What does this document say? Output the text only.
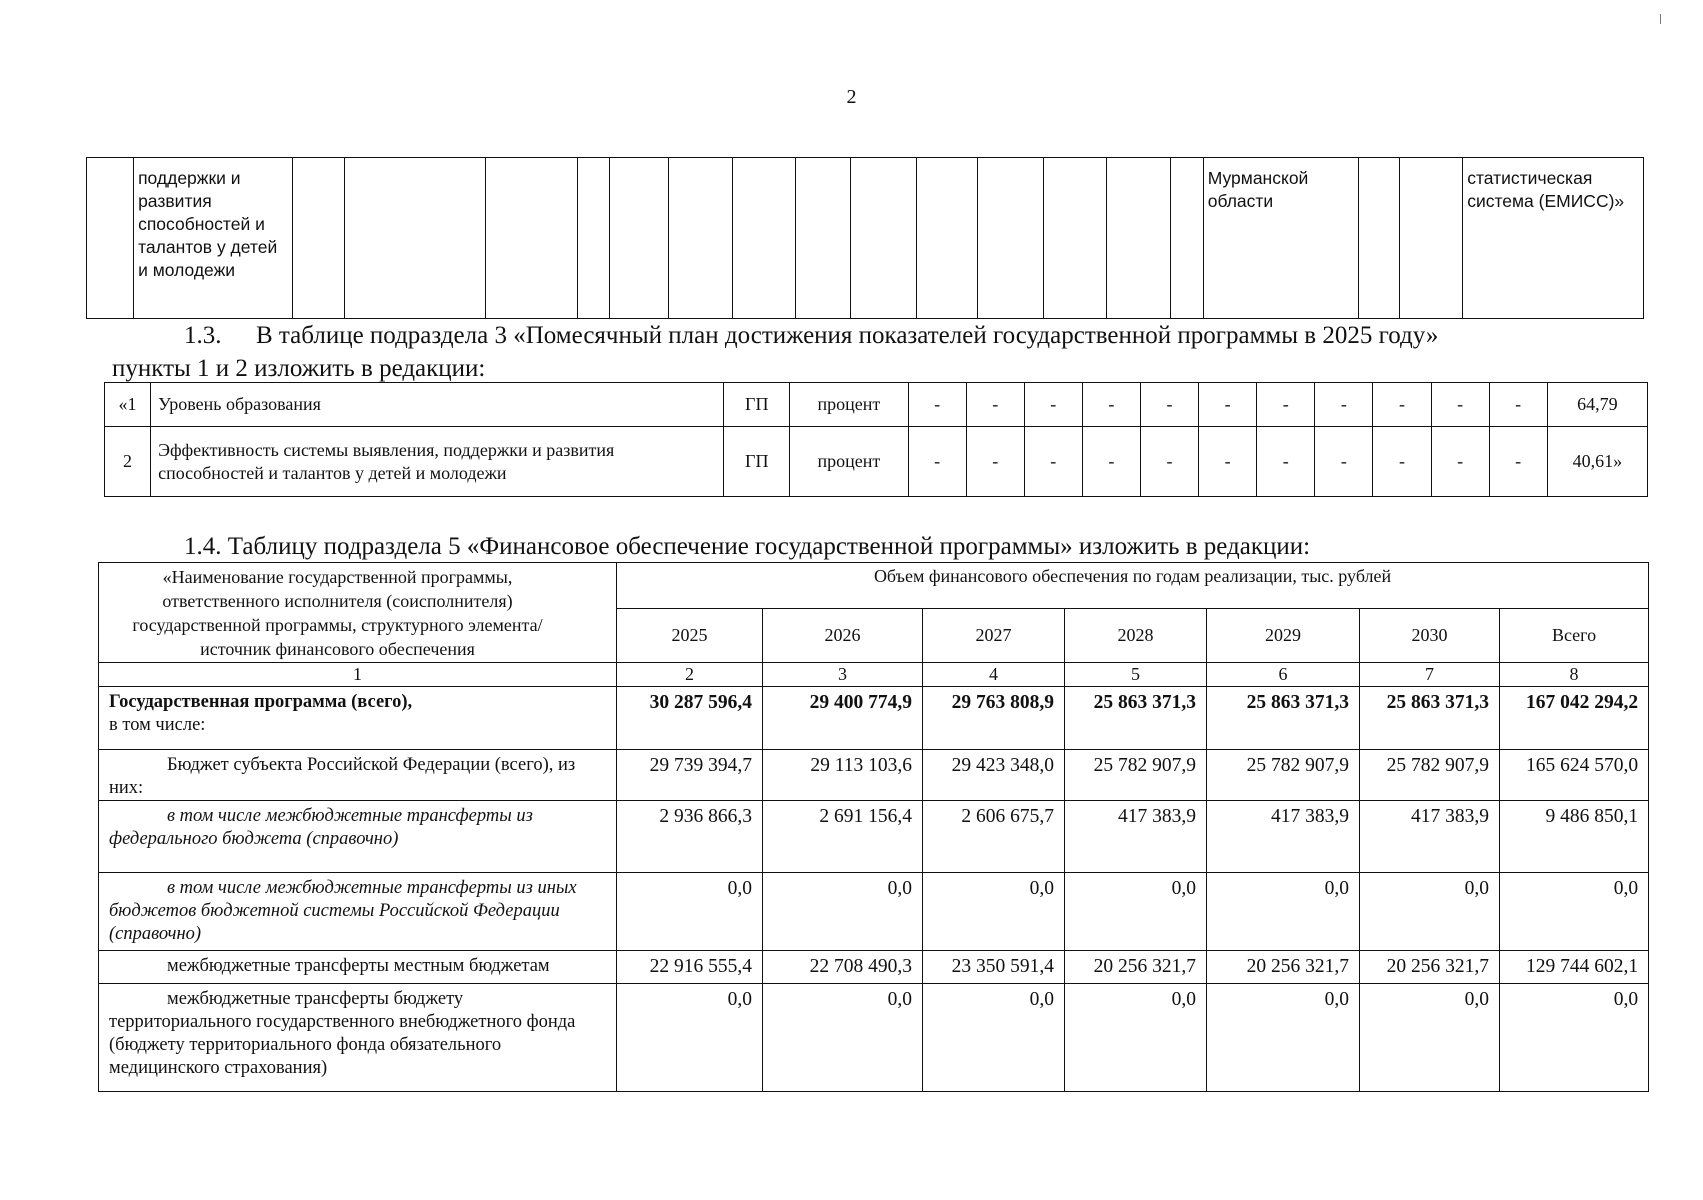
2
	поддержки и развития способностей и талантов у детей и молодежи															Мурманской области			статистическая система (ЕМИСС)»
1.3. В таблице подраздела 3 «Помесячный план достижения показателей государственной программы в 2025 году»
пункты 1 и 2 изложить в редакции:
«1	Уровень образования	ГП	процент	-	-	-	-	-	-	-	-	-	-	-	64,79
2	Эффективность системы выявления, поддержки и развития способностей и талантов у детей и молодежи	ГП	процент	-	-	-	-	-	-	-	-	-	-	-	40,61»
1.4. Таблицу подраздела 5 «Финансовое обеспечение государственной программы» изложить в редакции:
«Наименование государственной программы, ответственного исполнителя (соисполнителя) государственной программы, структурного элемента/источник финансового обеспечения	Объем финансового обеспечения по годам реализации, тыс. рублей						
	2025	2026	2027	2028	2029	2030	Всего
1	2	3	4	5	6	7	8

Государственная программа (всего),
в том числе:	30 287 596,4	29 400 774,9	29 763 808,9	25 863 371,3	25 863 371,3	25 863 371,3	167 042 294,2
Бюджет субъекта Российской Федерации (всего), из них:	29 739 394,7	29 113 103,6	29 423 348,0	25 782 907,9	25 782 907,9	25 782 907,9	165 624 570,0
в том числе межбюджетные трансферты из федерального бюджета (справочно)	2 936 866,3	2 691 156,4	2 606 675,7	417 383,9	417 383,9	417 383,9	9 486 850,1
в том числе межбюджетные трансферты из иных бюджетов бюджетной системы Российской Федерации (справочно)	0,0	0,0	0,0	0,0	0,0	0,0	0,0
межбюджетные трансферты местным бюджетам	22 916 555,4	22 708 490,3	23 350 591,4	20 256 321,7	20 256 321,7	20 256 321,7	129 744 602,1
межбюджетные трансферты бюджету территориального государственного внебюджетного фонда (бюджету территориального фонда обязательного медицинского страхования)	0,0	0,0	0,0	0,0	0,0	0,0	0,0
